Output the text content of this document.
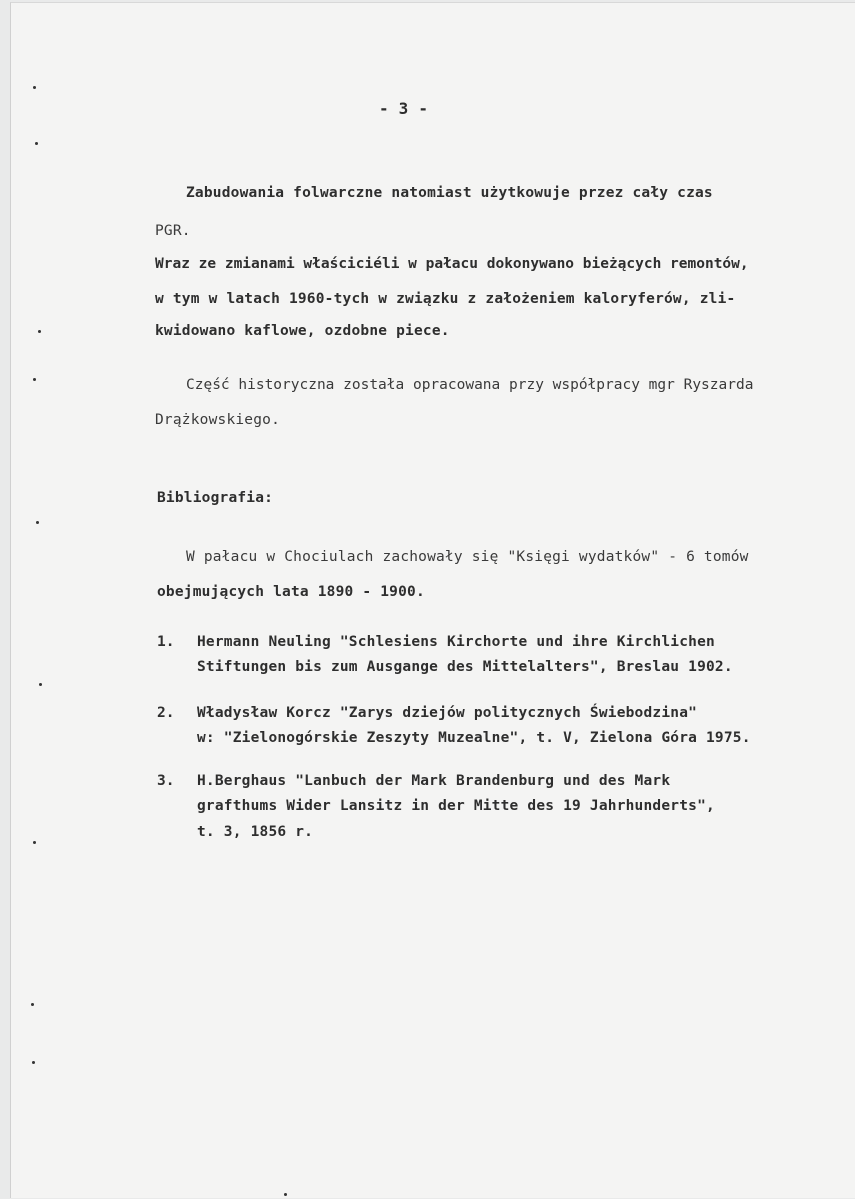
- 3 -
Zabudowania folwarczne natomiast użytkowuje przez cały czas
PGR.
Wraz ze zmianami właściciéli w pałacu dokonywano bieżących remontów,
w tym w latach 1960-tych w związku z założeniem kaloryferów, zli-
kwidowano kaflowe, ozdobne piece.
Część historyczna została opracowana przy współpracy mgr Ryszarda
Drążkowskiego.
Bibliografia:
W pałacu w Chociulach zachowały się "Księgi wydatków" - 6 tomów
obejmujących lata 1890 - 1900.
1. Hermann Neuling "Schlesiens Kirchorte und ihre Kirchlichen
Stiftungen bis zum Ausgange des Mittelalters", Breslau 1902.
2. Władysław Korcz "Zarys dziejów politycznych Świebodzina"
w: "Zielonogórskie Zeszyty Muzealne", t. V, Zielona Góra 1975.
3. H.Berghaus "Lanbuch der Mark Brandenburg und des Mark
grafthums Wider Lansitz in der Mitte des 19 Jahrhunderts",
t. 3, 1856 r.
